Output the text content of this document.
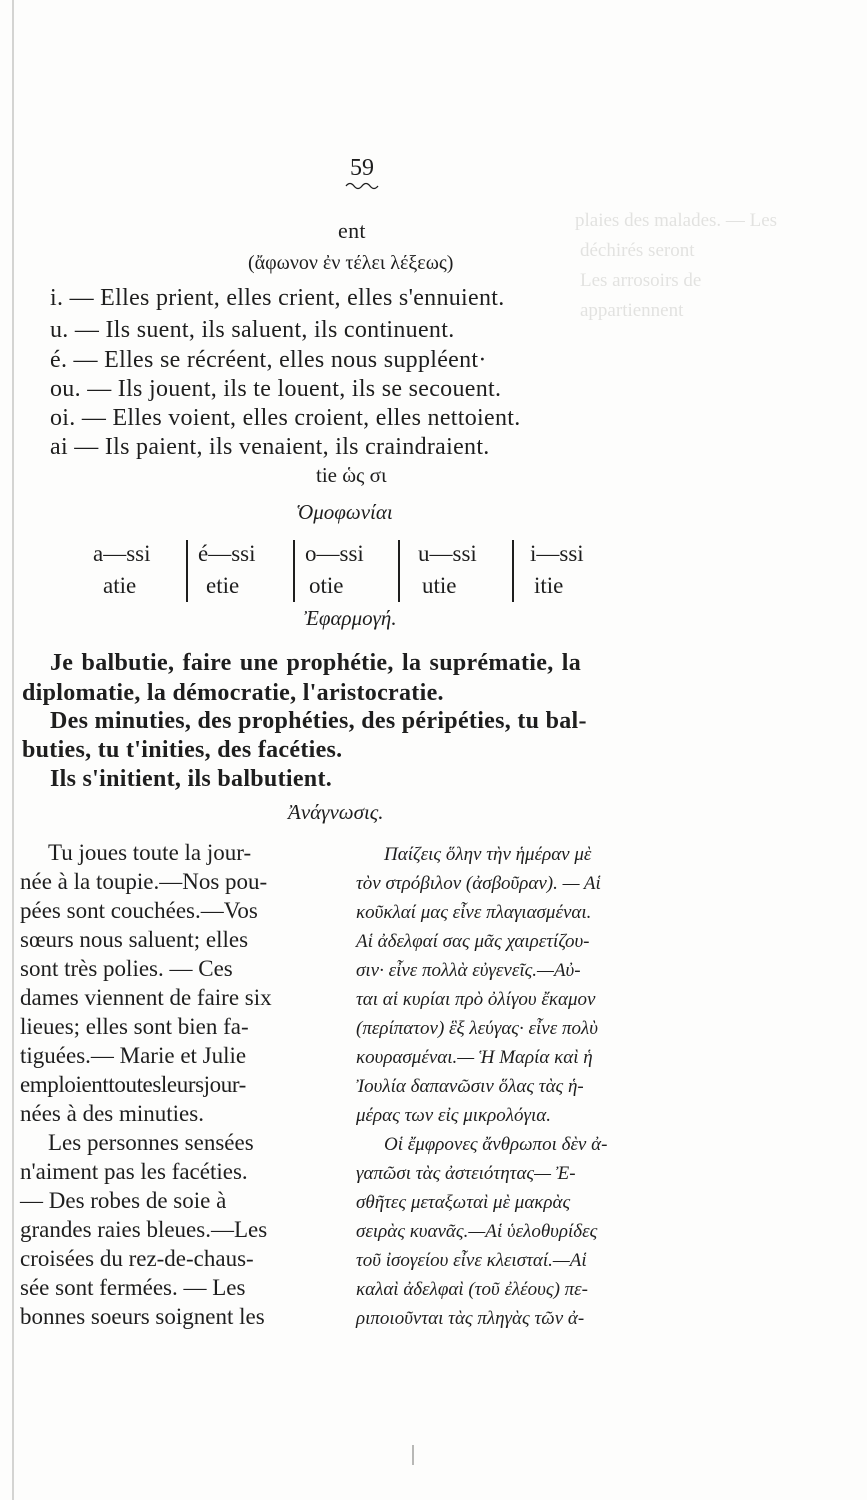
plaies des malades. — Les
déchirés seront
Les arrosoirs de
appartiennent
59
ent
(ἄφωνον ἐν τέλει λέξεως)
i. — Elles prient, elles crient, elles s'ennuient.
u. — Ils suent, ils saluent, ils continuent.
é. — Elles se récréent, elles nous suppléent·
ou. — Ils jouent, ils te louent, ils se secouent.
oi. — Elles voient, elles croient, elles nettoient.
ai — Ils paient, ils venaient, ils craindraient.
tie ὡς σι
Ὁμοφωνίαι
a—ssi
atie
é—ssi
etie
o—ssi
otie
u—ssi
utie
i—ssi
itie
Ἐφαρμογή.
Je balbutie, faire une prophétie, la suprématie, la
diplomatie, la démocratie, l'aristocratie.
Des minuties, des prophéties, des péripéties, tu bal-
buties, tu t'inities, des facéties.
Ils s'initient, ils balbutient.
Ἀνάγνωσις.
Tu joues toute la jour-
née à la toupie.—Nos pou-
pées sont couchées.—Vos
sœurs nous saluent; elles
sont très polies. — Ces
dames viennent de faire six
lieues; elles sont bien fa-
tiguées.— Marie et Julie
emploienttoutesleursjour-
nées à des minuties.
Les personnes sensées
n'aiment pas les facéties.
— Des robes de soie à
grandes raies bleues.—Les
croisées du rez-de-chaus-
sée sont fermées. — Les
bonnes soeurs soignent les
Παίζεις ὅλην τὴν ἡμέραν μὲ
τὸν στρόβιλον (ἀσβοῦραν). — Αἱ
κοῦκλαί μας εἶνε πλαγιασμέναι.
Αἱ ἀδελφαί σας μᾶς χαιρετίζου-
σιν· εἶνε πολλὰ εὐγενεῖς.—Αὐ-
ται αἱ κυρίαι πρὸ ὀλίγου ἔκαμον
(περίπατον) ἓξ λεύγας· εἶνε πολὺ
κουρασμέναι.— Ἡ Μαρία καὶ ἡ
Ἰουλία δαπανῶσιν ὅλας τὰς ἡ-
μέρας των εἰς μικρολόγια.
Οἱ ἔμφρονες ἄνθρωποι δὲν ἀ-
γαπῶσι τὰς ἀστειότητας— Ἐ-
σθῆτες μεταξωταὶ μὲ μακρὰς
σειρὰς κυανᾶς.—Αἱ ὑελοθυρίδες
τοῦ ἰσογείου εἶνε κλεισταί.—Αἱ
καλαὶ ἀδελφαὶ (τοῦ ἐλέους) πε-
ριποιοῦνται τὰς πληγὰς τῶν ἀ-
